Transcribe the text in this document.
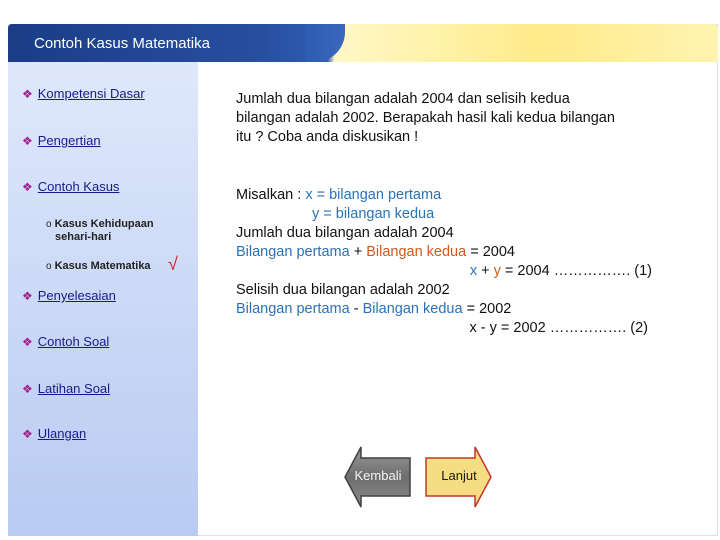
Contoh Kasus Matematika
❖ Kompetensi Dasar
❖ Pengertian
❖ Contoh Kasus
o Kasus Kehidupaan
sehari-hari
o Kasus Matematika √
❖ Penyelesaian
❖ Contoh Soal
❖ Latihan Soal
❖ Ulangan
Jumlah dua bilangan adalah 2004 dan selisih kedua
bilangan adalah 2002. Berapakah hasil kali kedua bilangan
itu ? Coba anda diskusikan !
Misalkan : x = bilangan pertama
y = bilangan kedua
Jumlah dua bilangan adalah 2004
Bilangan pertama + Bilangan kedua = 2004
x + y = 2004 ……………. (1)
Selisih dua bilangan adalah 2002
Bilangan pertama - Bilangan kedua = 2002
x - y = 2002 ……………. (2)
Kembali	Lanjut
